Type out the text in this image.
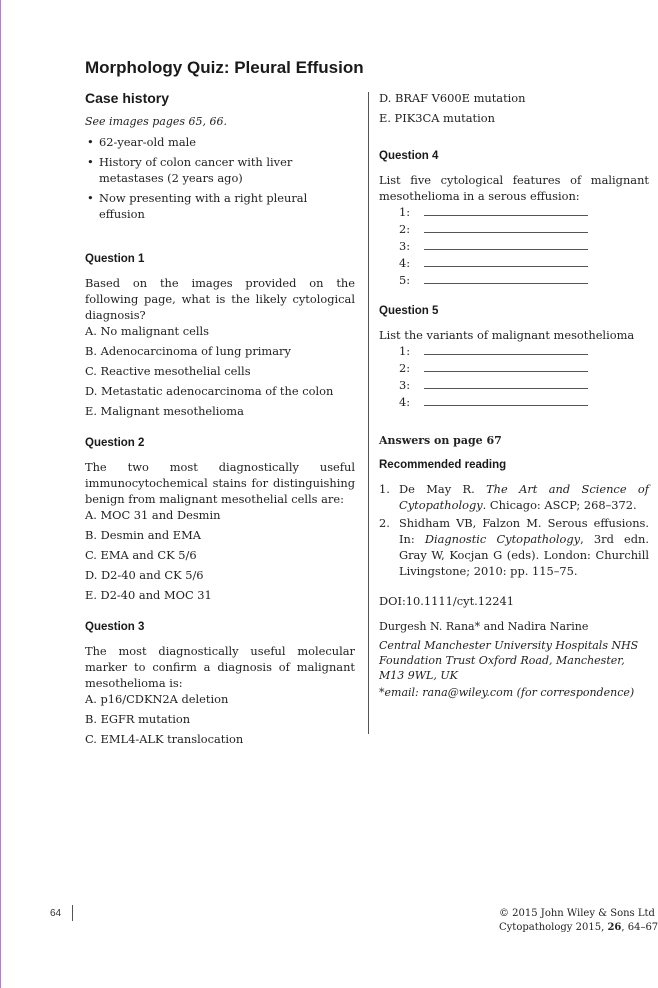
Morphology Quiz: Pleural Effusion
Case history
See images pages 65, 66.
• 62-year-old male
• History of colon cancer with liver metastases (2 years ago)
• Now presenting with a right pleural effusion
Question 1
Based on the images provided on the following page, what is the likely cytological diagnosis?
A. No malignant cells
B. Adenocarcinoma of lung primary
C. Reactive mesothelial cells
D. Metastatic adenocarcinoma of the colon
E. Malignant mesothelioma
Question 2
The two most diagnostically useful immunocytochemical stains for distinguishing benign from malignant mesothelial cells are:
A. MOC 31 and Desmin
B. Desmin and EMA
C. EMA and CK 5/6
D. D2-40 and CK 5/6
E. D2-40 and MOC 31
Question 3
The most diagnostically useful molecular marker to confirm a diagnosis of malignant mesothelioma is:
A. p16/CDKN2A deletion
B. EGFR mutation
C. EML4-ALK translocation
D. BRAF V600E mutation
E. PIK3CA mutation
Question 4
List five cytological features of malignant mesothelioma in a serous effusion:
1:
2:
3:
4:
5:
Question 5
List the variants of malignant mesothelioma
1:
2:
3:
4:
Answers on page 67
Recommended reading
1. De May R. The Art and Science of Cytopathology. Chicago: ASCP; 268–372.
2. Shidham VB, Falzon M. Serous effusions. In: Diagnostic Cytopathology, 3rd edn. Gray W, Kocjan G (eds). London: Churchill Livingstone; 2010: pp. 115–75.
DOI:10.1111/cyt.12241
Durgesh N. Rana* and Nadira Narine
Central Manchester University Hospitals NHS Foundation Trust Oxford Road, Manchester, M13 9WL, UK
*email: rana@wiley.com (for correspondence)
64	© 2015 John Wiley & Sons Ltd
Cytopathology 2015, 26, 64–67
